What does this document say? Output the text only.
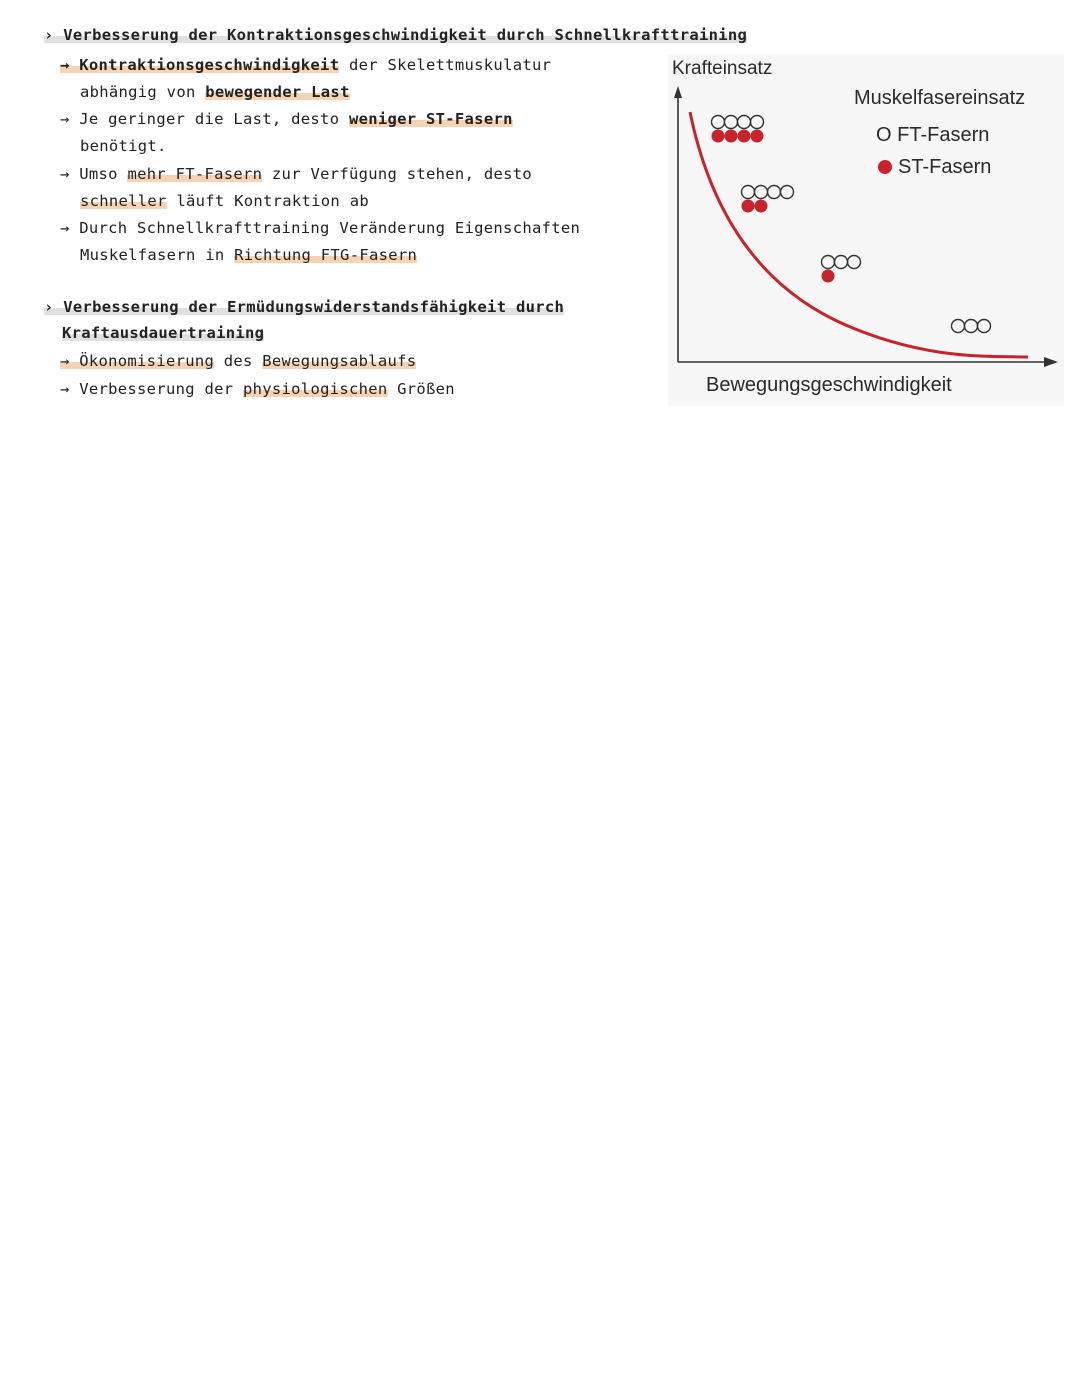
› Verbesserung der Kontraktionsgeschwindigkeit durch Schnellkrafttraining
→ Kontraktionsgeschwindigkeit der Skelettmuskulatur
abhängig von bewegender Last
→ Je geringer die Last, desto weniger ST-Fasern
benötigt.
→ Umso mehr FT-Fasern zur Verfügung stehen, desto
schneller läuft Kontraktion ab
→ Durch Schnellkrafttraining Veränderung Eigenschaften
Muskelfasern in Richtung FTG-Fasern
› Verbesserung der Ermüdungswiderstandsfähigkeit durch
Kraftausdauertraining
→ Ökonomisierung des Bewegungsablaufs
→ Verbesserung der physiologischen Größen
Krafteinsatz
Muskelfasereinsatz
O FT-Fasern
ST-Fasern
Bewegungsgeschwindigkeit
